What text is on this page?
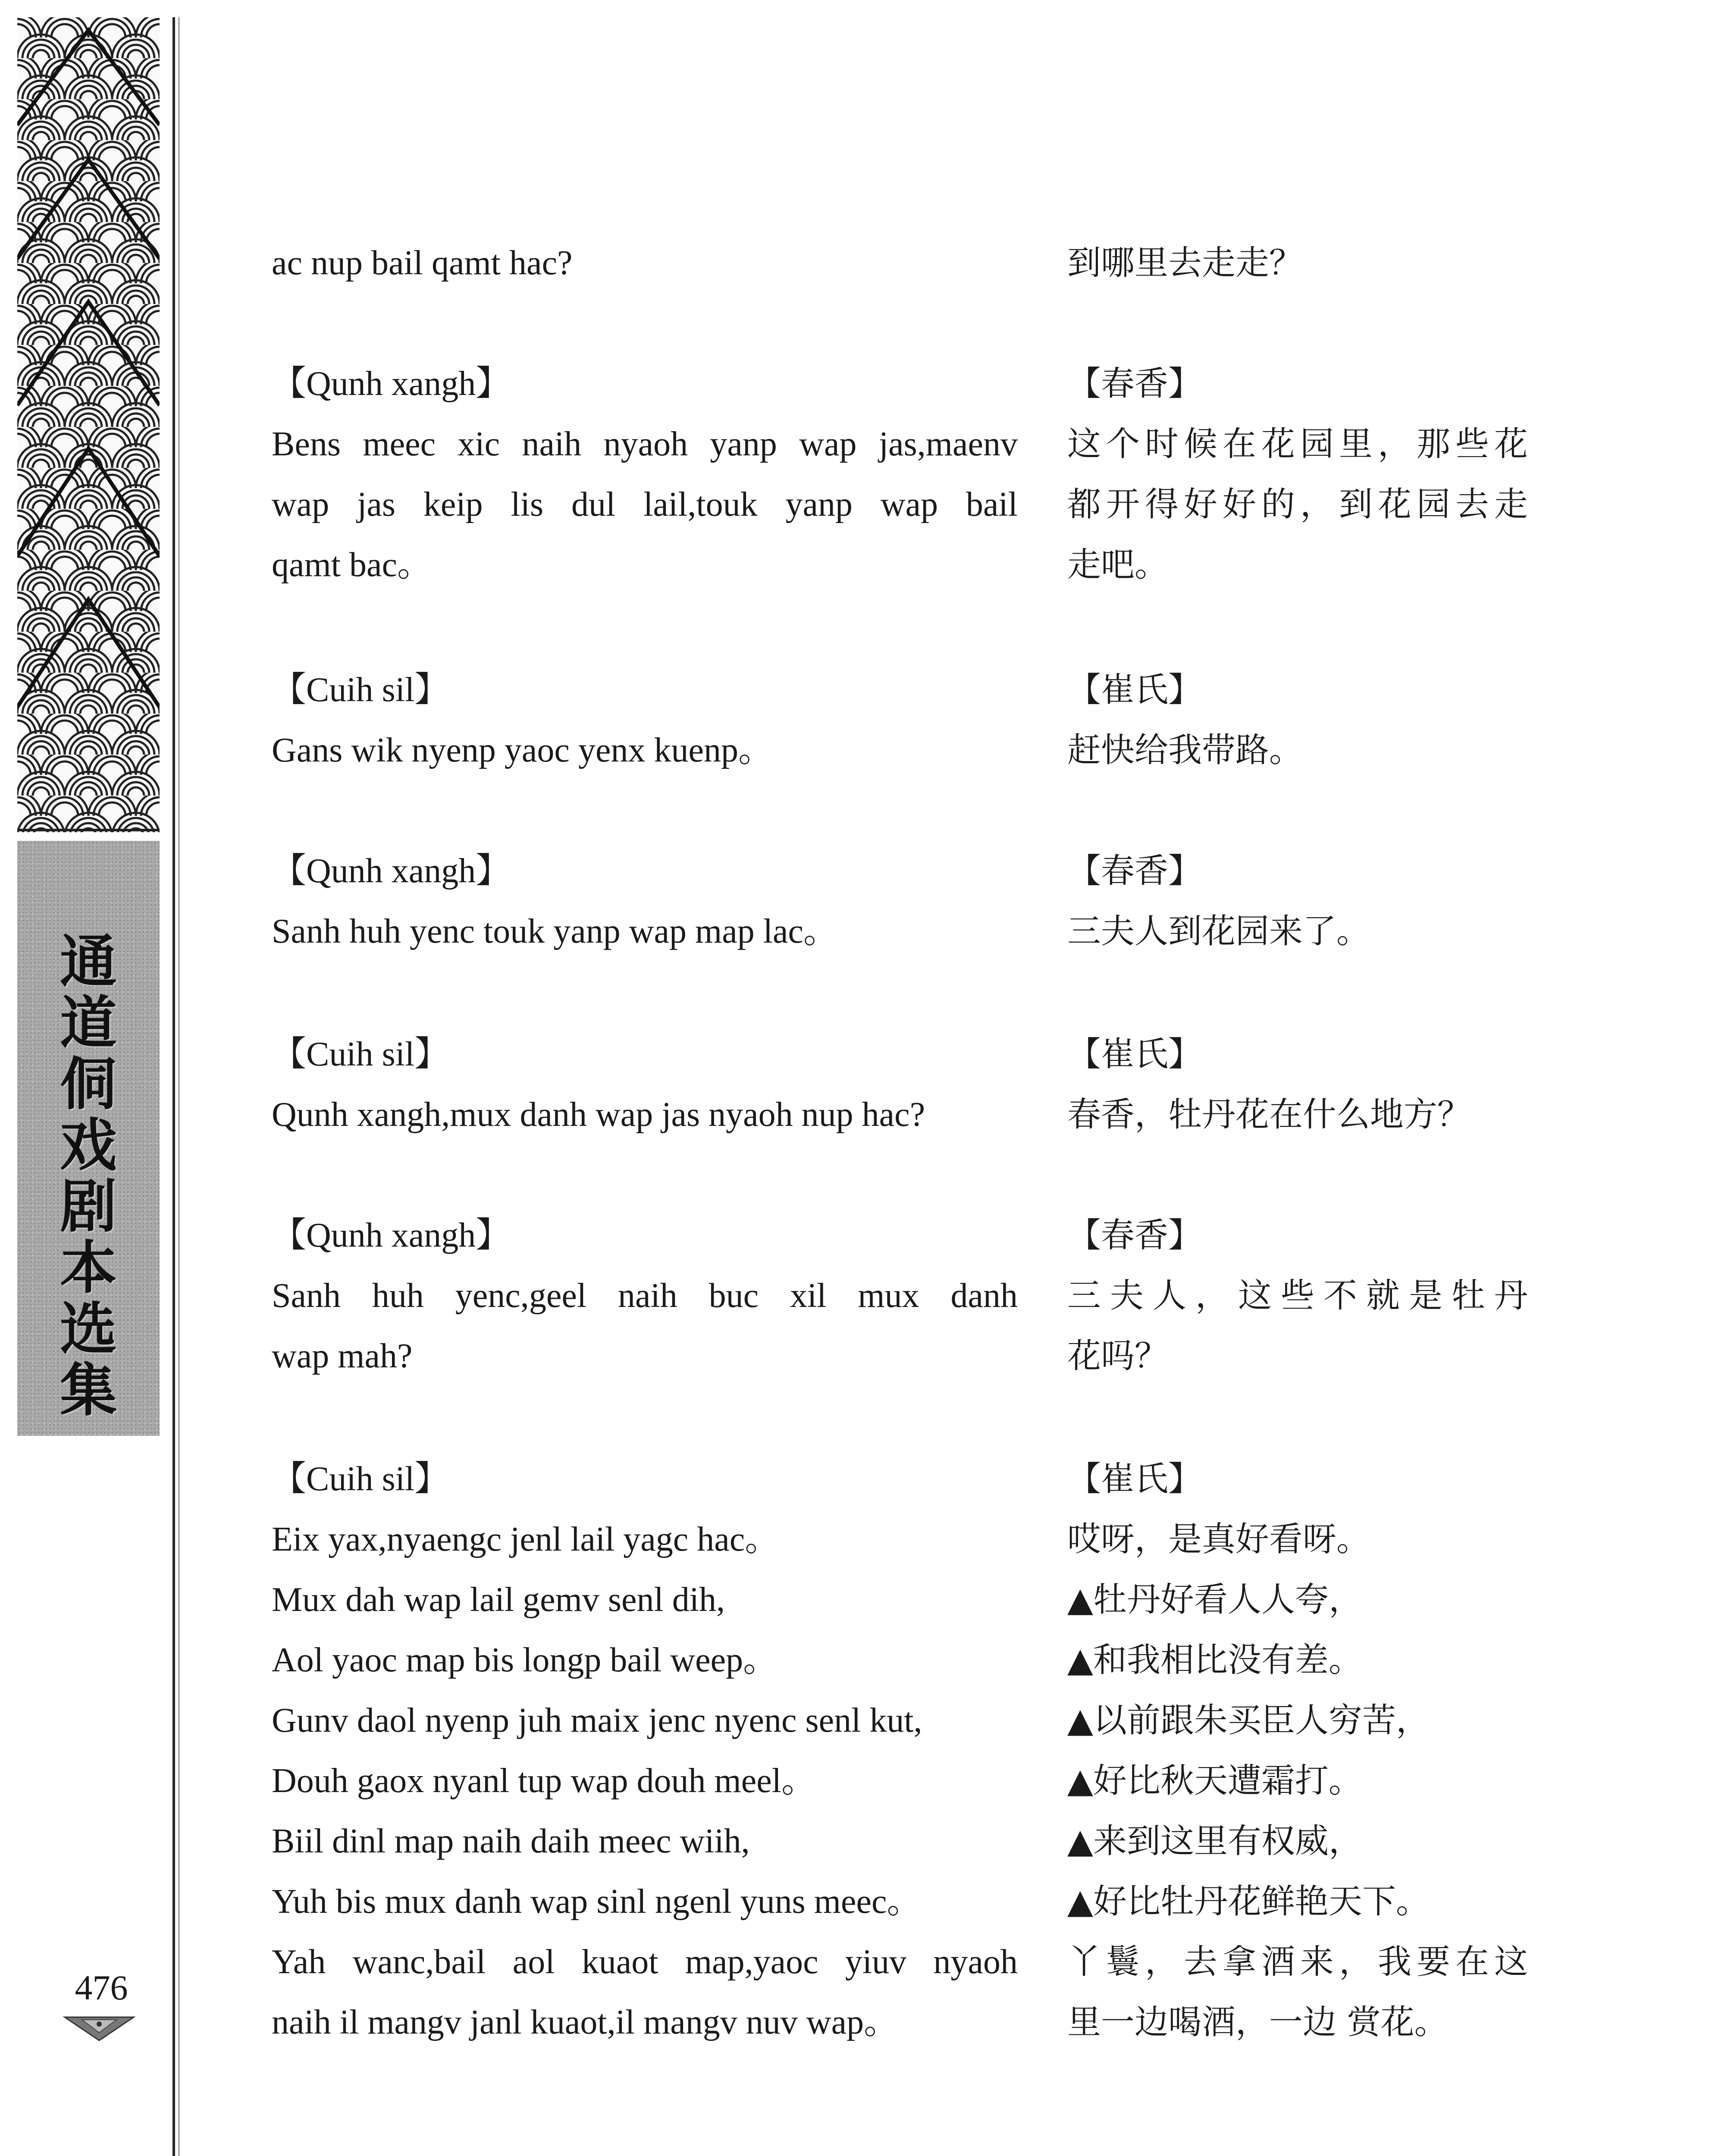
通
道
侗
戏
剧
本
选
集
476
ac nup bail qamt hac?	到哪里去走走？
【Qunh xangh】	【春香】
Bens meec xic naih nyaoh yanp wap jas,maenv 这个时候在花园里，那些花
wap jas keip lis dul lail,touk yanp wap bail 都开得好好的，到花园去走
qamt bac。	走吧。
【Cuih sil】	【崔氏】
Gans wik nyenp yaoc yenx kuenp。	赶快给我带路。
【Qunh xangh】	【春香】
Sanh huh yenc touk yanp wap map lac。	三夫人到花园来了。
【Cuih sil】	【崔氏】
Qunh xangh,mux danh wap jas nyaoh nup hac?	春香，牡丹花在什么地方？
【Qunh xangh】	【春香】
Sanh huh yenc,geel naih buc xil mux danh 三夫人，这些不就是牡丹
wap mah?	花吗？
【Cuih sil】	【崔氏】
Eix yax,nyaengc jenl lail yagc hac。	哎呀，是真好看呀。
Mux dah wap lail gemv senl dih,	▲牡丹好看人人夸，
Aol yaoc map bis longp bail weep。	▲和我相比没有差。
Gunv daol nyenp juh maix jenc nyenc senl kut,	▲以前跟朱买臣人穷苦，
Douh gaox nyanl tup wap douh meel。	▲好比秋天遭霜打。
Biil dinl map naih daih meec wiih,	▲来到这里有权威，
Yuh bis mux danh wap sinl ngenl yuns meec。	▲好比牡丹花鲜艳天下。
Yah wanc,bail aol kuaot map,yaoc yiuv nyaoh 丫鬟，去拿酒来，我要在这
naih il mangv janl kuaot,il mangv nuv wap。	里一边喝酒，一边 赏花。
